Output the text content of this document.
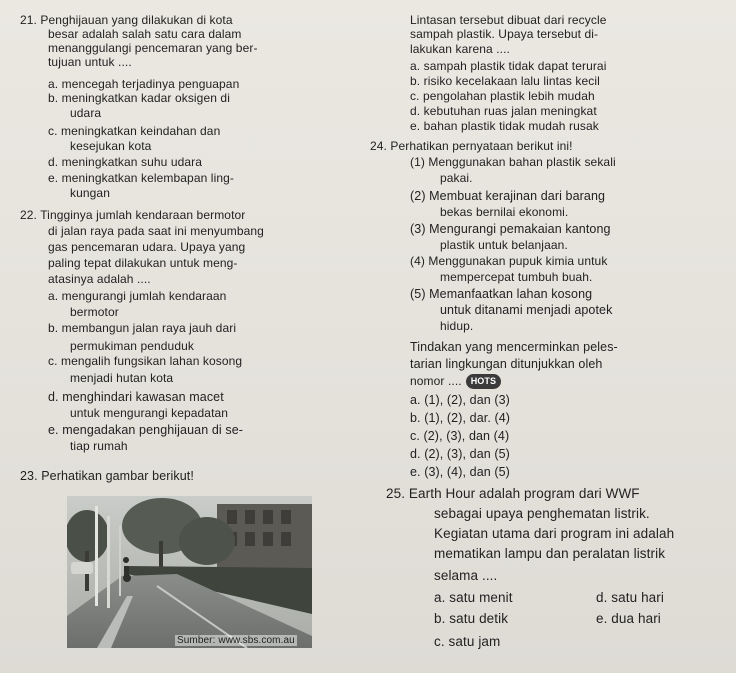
21. Penghijauan yang dilakukan di kota
besar adalah salah satu cara dalam
menanggulangi pencemaran yang ber-
tujuan untuk ....
a. mencegah terjadinya penguapan
b. meningkatkan kadar oksigen di
udara
c. meningkatkan keindahan dan
kesejukan kota
d. meningkatkan suhu udara
e. meningkatkan kelembapan ling-
kungan
22. Tingginya jumlah kendaraan bermotor
di jalan raya pada saat ini menyumbang
gas pencemaran udara. Upaya yang
paling tepat dilakukan untuk meng-
atasinya adalah ....
a. mengurangi jumlah kendaraan
bermotor
b. membangun jalan raya jauh dari
permukiman penduduk
c. mengalih fungsikan lahan kosong
menjadi hutan kota
d. menghindari kawasan macet
untuk mengurangi kepadatan
e. mengadakan penghijauan di se-
tiap rumah
23. Perhatikan gambar berikut!
Sumber: www.sbs.com.au
Lintasan tersebut dibuat dari recycle
sampah plastik. Upaya tersebut di-
lakukan karena ....
a. sampah plastik tidak dapat terurai
b. risiko kecelakaan lalu lintas kecil
c. pengolahan plastik lebih mudah
d. kebutuhan ruas jalan meningkat
e. bahan plastik tidak mudah rusak
24. Perhatikan pernyataan berikut ini!
(1) Menggunakan bahan plastik sekali
pakai.
(2) Membuat kerajinan dari barang
bekas bernilai ekonomi.
(3) Mengurangi pemakaian kantong
plastik untuk belanjaan.
(4) Menggunakan pupuk kimia untuk
mempercepat tumbuh buah.
(5) Memanfaatkan lahan kosong
untuk ditanami menjadi apotek
hidup.
Tindakan yang mencerminkan peles-
tarian lingkungan ditunjukkan oleh
nomor .... HOTS
a. (1), (2), dan (3)
b. (1), (2), dar. (4)
c. (2), (3), dan (4)
d. (2), (3), dan (5)
e. (3), (4), dan (5)
25. Earth Hour adalah program dari WWF
sebagai upaya penghematan listrik.
Kegiatan utama dari program ini adalah
mematikan lampu dan peralatan listrik
selama ....
a. satu menit	d. satu hari
b. satu detik	e. dua hari
c. satu jam
